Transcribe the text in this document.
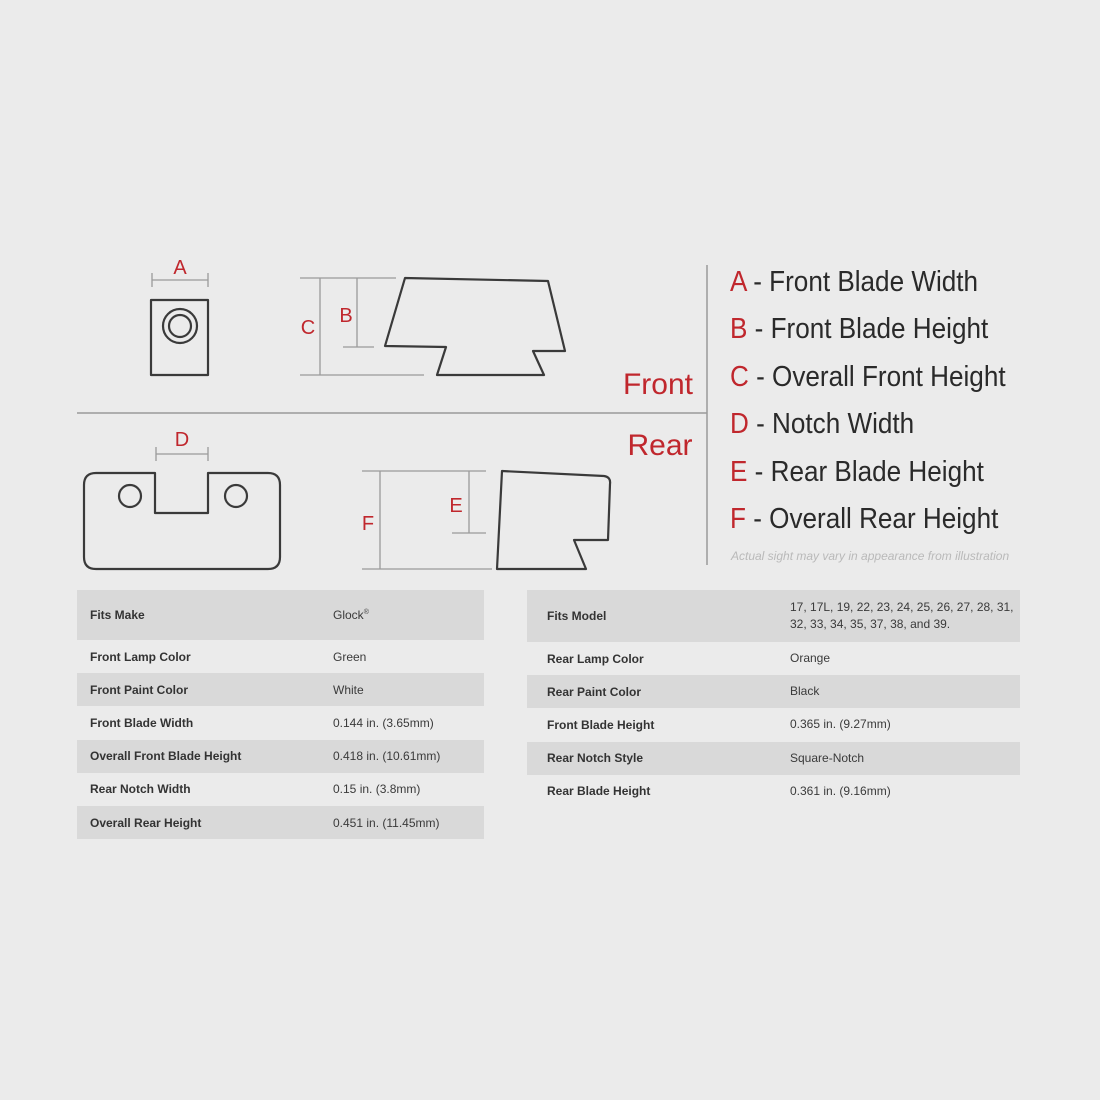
A
C
B
Front
Rear
D
F
E
A - Front Blade Width
B - Front Blade Height
C - Overall Front Height
D - Notch Width
E - Rear Blade Height
F - Overall Rear Height
Actual sight may vary in appearance from illustration
Fits Make	Glock®
Front Lamp Color	Green
Front Paint Color	White
Front Blade Width	0.144 in. (3.65mm)
Overall Front Blade Height	0.418 in. (10.61mm)
Rear Notch Width	0.15 in. (3.8mm)
Overall Rear Height	0.451 in. (11.45mm)
Fits Model	17, 17L, 19, 22, 23, 24, 25, 26, 27, 28, 31, 32, 33, 34, 35, 37, 38, and 39.
Rear Lamp Color	Orange
Rear Paint Color	Black
Front Blade Height	0.365 in. (9.27mm)
Rear Notch Style	Square-Notch
Rear Blade Height	0.361 in. (9.16mm)
